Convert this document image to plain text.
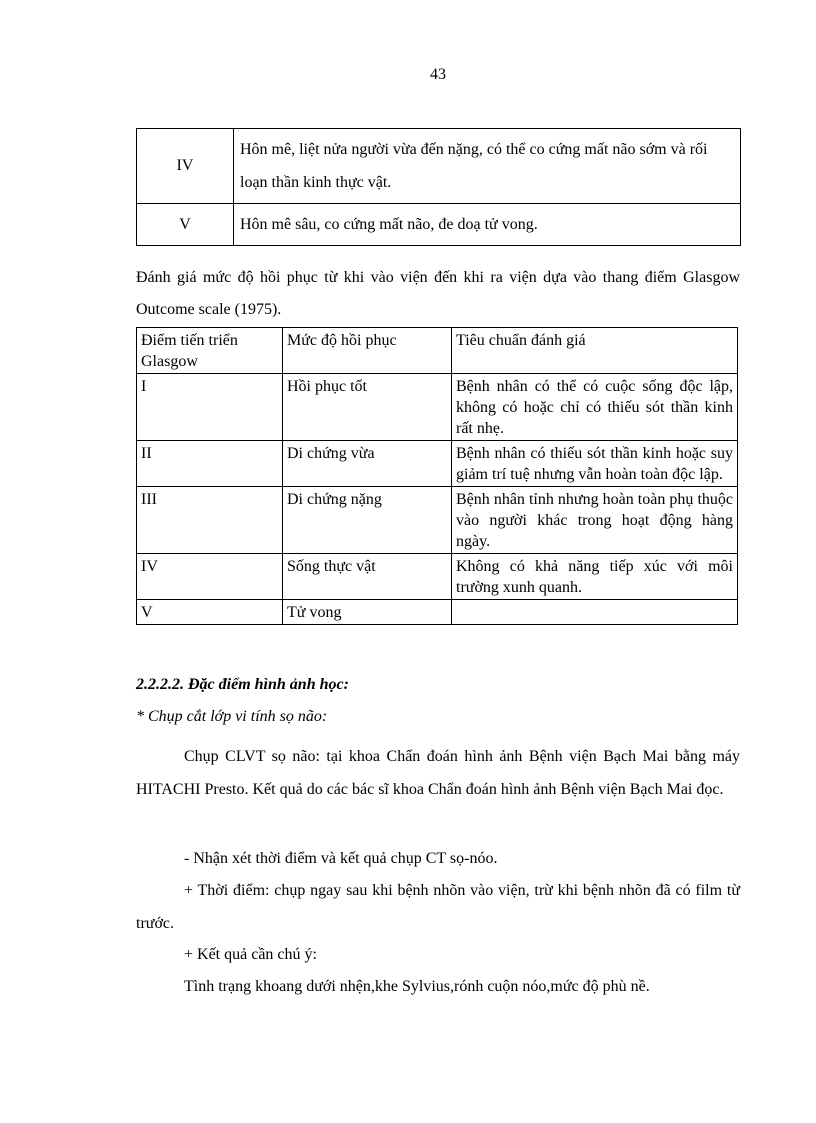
43
IV	Hôn mê, liệt nửa người vừa đến nặng, có thể co cứng mất não sớm và rối loạn thần kinh thực vật.
V	Hôn mê sâu, co cứng mất não, đe doạ tử vong.
Đánh giá mức độ hồi phục từ khi vào viện đến khi ra viện dựa vào thang điểm Glasgow Outcome scale (1975).
Điểm tiến triển Glasgow	Mức độ hồi phục	Tiêu chuẩn đánh giá
I	Hồi phục tốt	Bệnh nhân có thể có cuộc sống độc lập, không có hoặc chỉ có thiếu sót thần kinh rất nhẹ.
II	Di chứng vừa	Bệnh nhân có thiếu sót thần kinh hoặc suy giảm trí tuệ nhưng vẫn hoàn toàn độc lập.
III	Di chứng nặng	Bệnh nhân tỉnh nhưng hoàn toàn phụ thuộc vào người khác trong hoạt động hàng ngày.
IV	Sống thực vật	Không có khả năng tiếp xúc với môi trường xunh quanh.
V	Tử vong	
2.2.2.2. Đặc điểm hình ảnh học:
* Chụp cắt lớp vi tính sọ não:
Chụp CLVT sọ não: tại khoa Chẩn đoán hình ảnh Bệnh viện Bạch Mai bằng máy HITACHI Presto. Kết quả do các bác sĩ khoa Chẩn đoán hình ảnh Bệnh viện Bạch Mai đọc.
- Nhận xét thời điểm và kết quả chụp CT sọ-nóo.
+ Thời điểm: chụp ngay sau khi bệnh nhõn vào viện, trừ khi bệnh nhõn đã có film từ trước.
+ Kết quả cần chú ý:
Tình trạng khoang dưới nhện,khe Sylvius,rónh cuộn nóo,mức độ phù nề.
